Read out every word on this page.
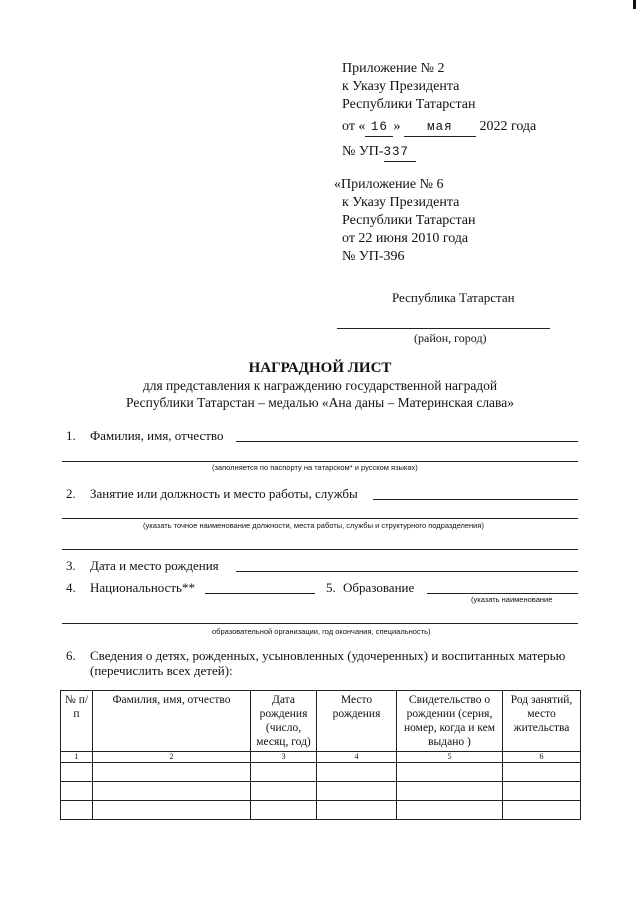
Приложение № 2
к Указу Президента
Республики Татарстан
от « 16 » мая 2022 года
№ УП-337
«Приложение № 6
к Указу Президента
Республики Татарстан
от 22 июня 2010 года
№ УП-396
Республика Татарстан
(район, город)
НАГРАДНОЙ ЛИСТ
для представления к награждению государственной наградой
Республики Татарстан – медалью «Ана даны – Материнская слава»
1. Фамилия, имя, отчество
(заполняется по паспорту на татарском* и русском языках)
2. Занятие или должность и место работы, службы
(указать точное наименование должности, места работы, службы и структурного подразделения)
3. Дата и место рождения
4. Национальность**	5. Образование
(указать наименование
образовательной организации, год окончания, специальность)
6. Сведения о детях, рожденных, усыновленных (удочеренных) и воспитанных матерью
(перечислить всех детей):
№ п/п	Фамилия, имя, отчество	Дата рождения (число, месяц, год)	Место рождения	Свидетельство о рождении (серия, номер, когда и кем выдано )	Род занятий, место жительства
1	2	3	4	5	6
